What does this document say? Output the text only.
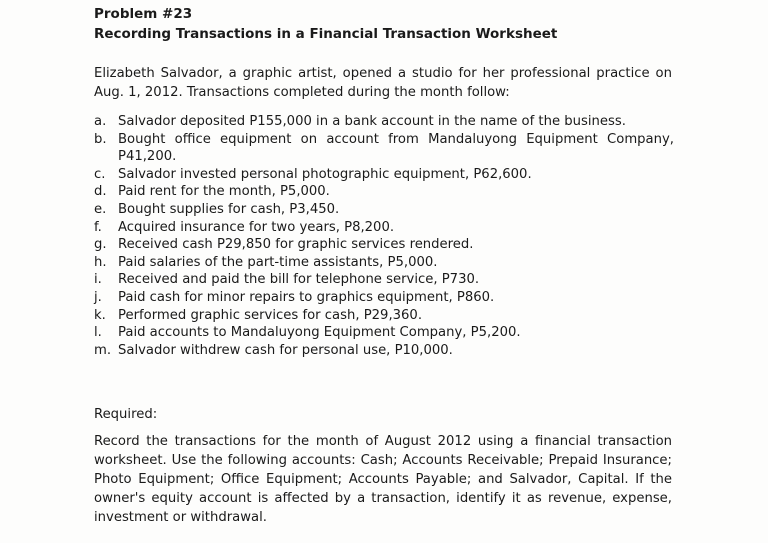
Problem #23
Recording Transactions in a Financial Transaction Worksheet
Elizabeth Salvador, a graphic artist, opened a studio for her professional practice on Aug. 1, 2012. Transactions completed during the month follow:
a. Salvador deposited P155,000 in a bank account in the name of the business.
b. Bought office equipment on account from Mandaluyong Equipment Company, P41,200.
c. Salvador invested personal photographic equipment, P62,600.
d. Paid rent for the month, P5,000.
e. Bought supplies for cash, P3,450.
f.	Acquired insurance for two years, P8,200.
g. Received cash P29,850 for graphic services rendered.
h. Paid salaries of the part-time assistants, P5,000.
i.	Received and paid the bill for telephone service, P730.
j.	Paid cash for minor repairs to graphics equipment, P860.
k. Performed graphic services for cash, P29,360.
l.	Paid accounts to Mandaluyong Equipment Company, P5,200.
m. Salvador withdrew cash for personal use, P10,000.
Required:
Record the transactions for the month of August 2012 using a financial transaction worksheet. Use the following accounts: Cash; Accounts Receivable; Prepaid Insurance; Photo Equipment; Office Equipment; Accounts Payable; and Salvador, Capital. If the owner's equity account is affected by a transaction, identify it as revenue, expense, investment or withdrawal.
